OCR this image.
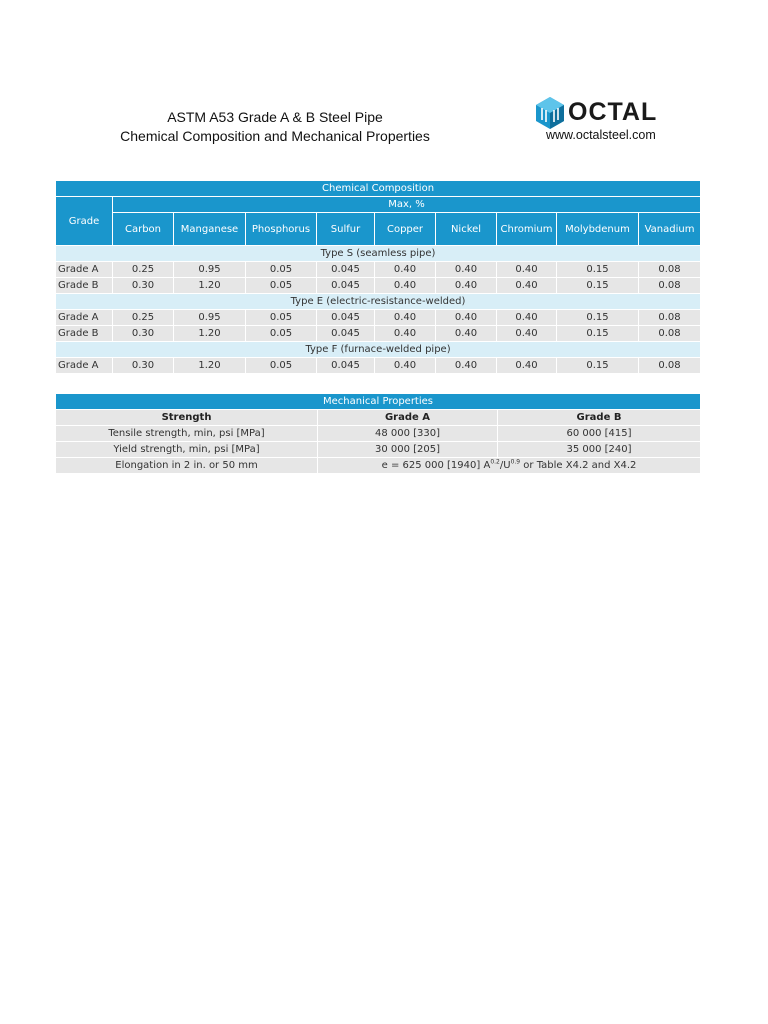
ASTM A53 Grade A & B Steel Pipe
Chemical Composition and Mechanical Properties
OCTAL
www.octalsteel.com
Chemical Composition									
Grade	Max, %								
	Carbon	Manganese	Phosphorus	Sulfur	Copper	Nickel	Chromium	Molybdenum	Vanadium
Type S (seamless pipe)									
Grade A	0.25	0.95	0.05	0.045	0.40	0.40	0.40	0.15	0.08
Grade B	0.30	1.20	0.05	0.045	0.40	0.40	0.40	0.15	0.08
Type E (electric-resistance-welded)									
Grade A	0.25	0.95	0.05	0.045	0.40	0.40	0.40	0.15	0.08
Grade B	0.30	1.20	0.05	0.045	0.40	0.40	0.40	0.15	0.08
Type F (furnace-welded pipe)									
Grade A	0.30	1.20	0.05	0.045	0.40	0.40	0.40	0.15	0.08
Mechanical Properties		
Strength	Grade A	Grade B
Tensile strength, min, psi [MPa]	48 000 [330]	60 000 [415]
Yield strength, min, psi [MPa]	30 000 [205]	35 000 [240]
Elongation in 2 in. or 50 mm	e = 625 000 [1940] $A^{0.2}/U^{0.9}$ or Table X4.2 and X4.2	
